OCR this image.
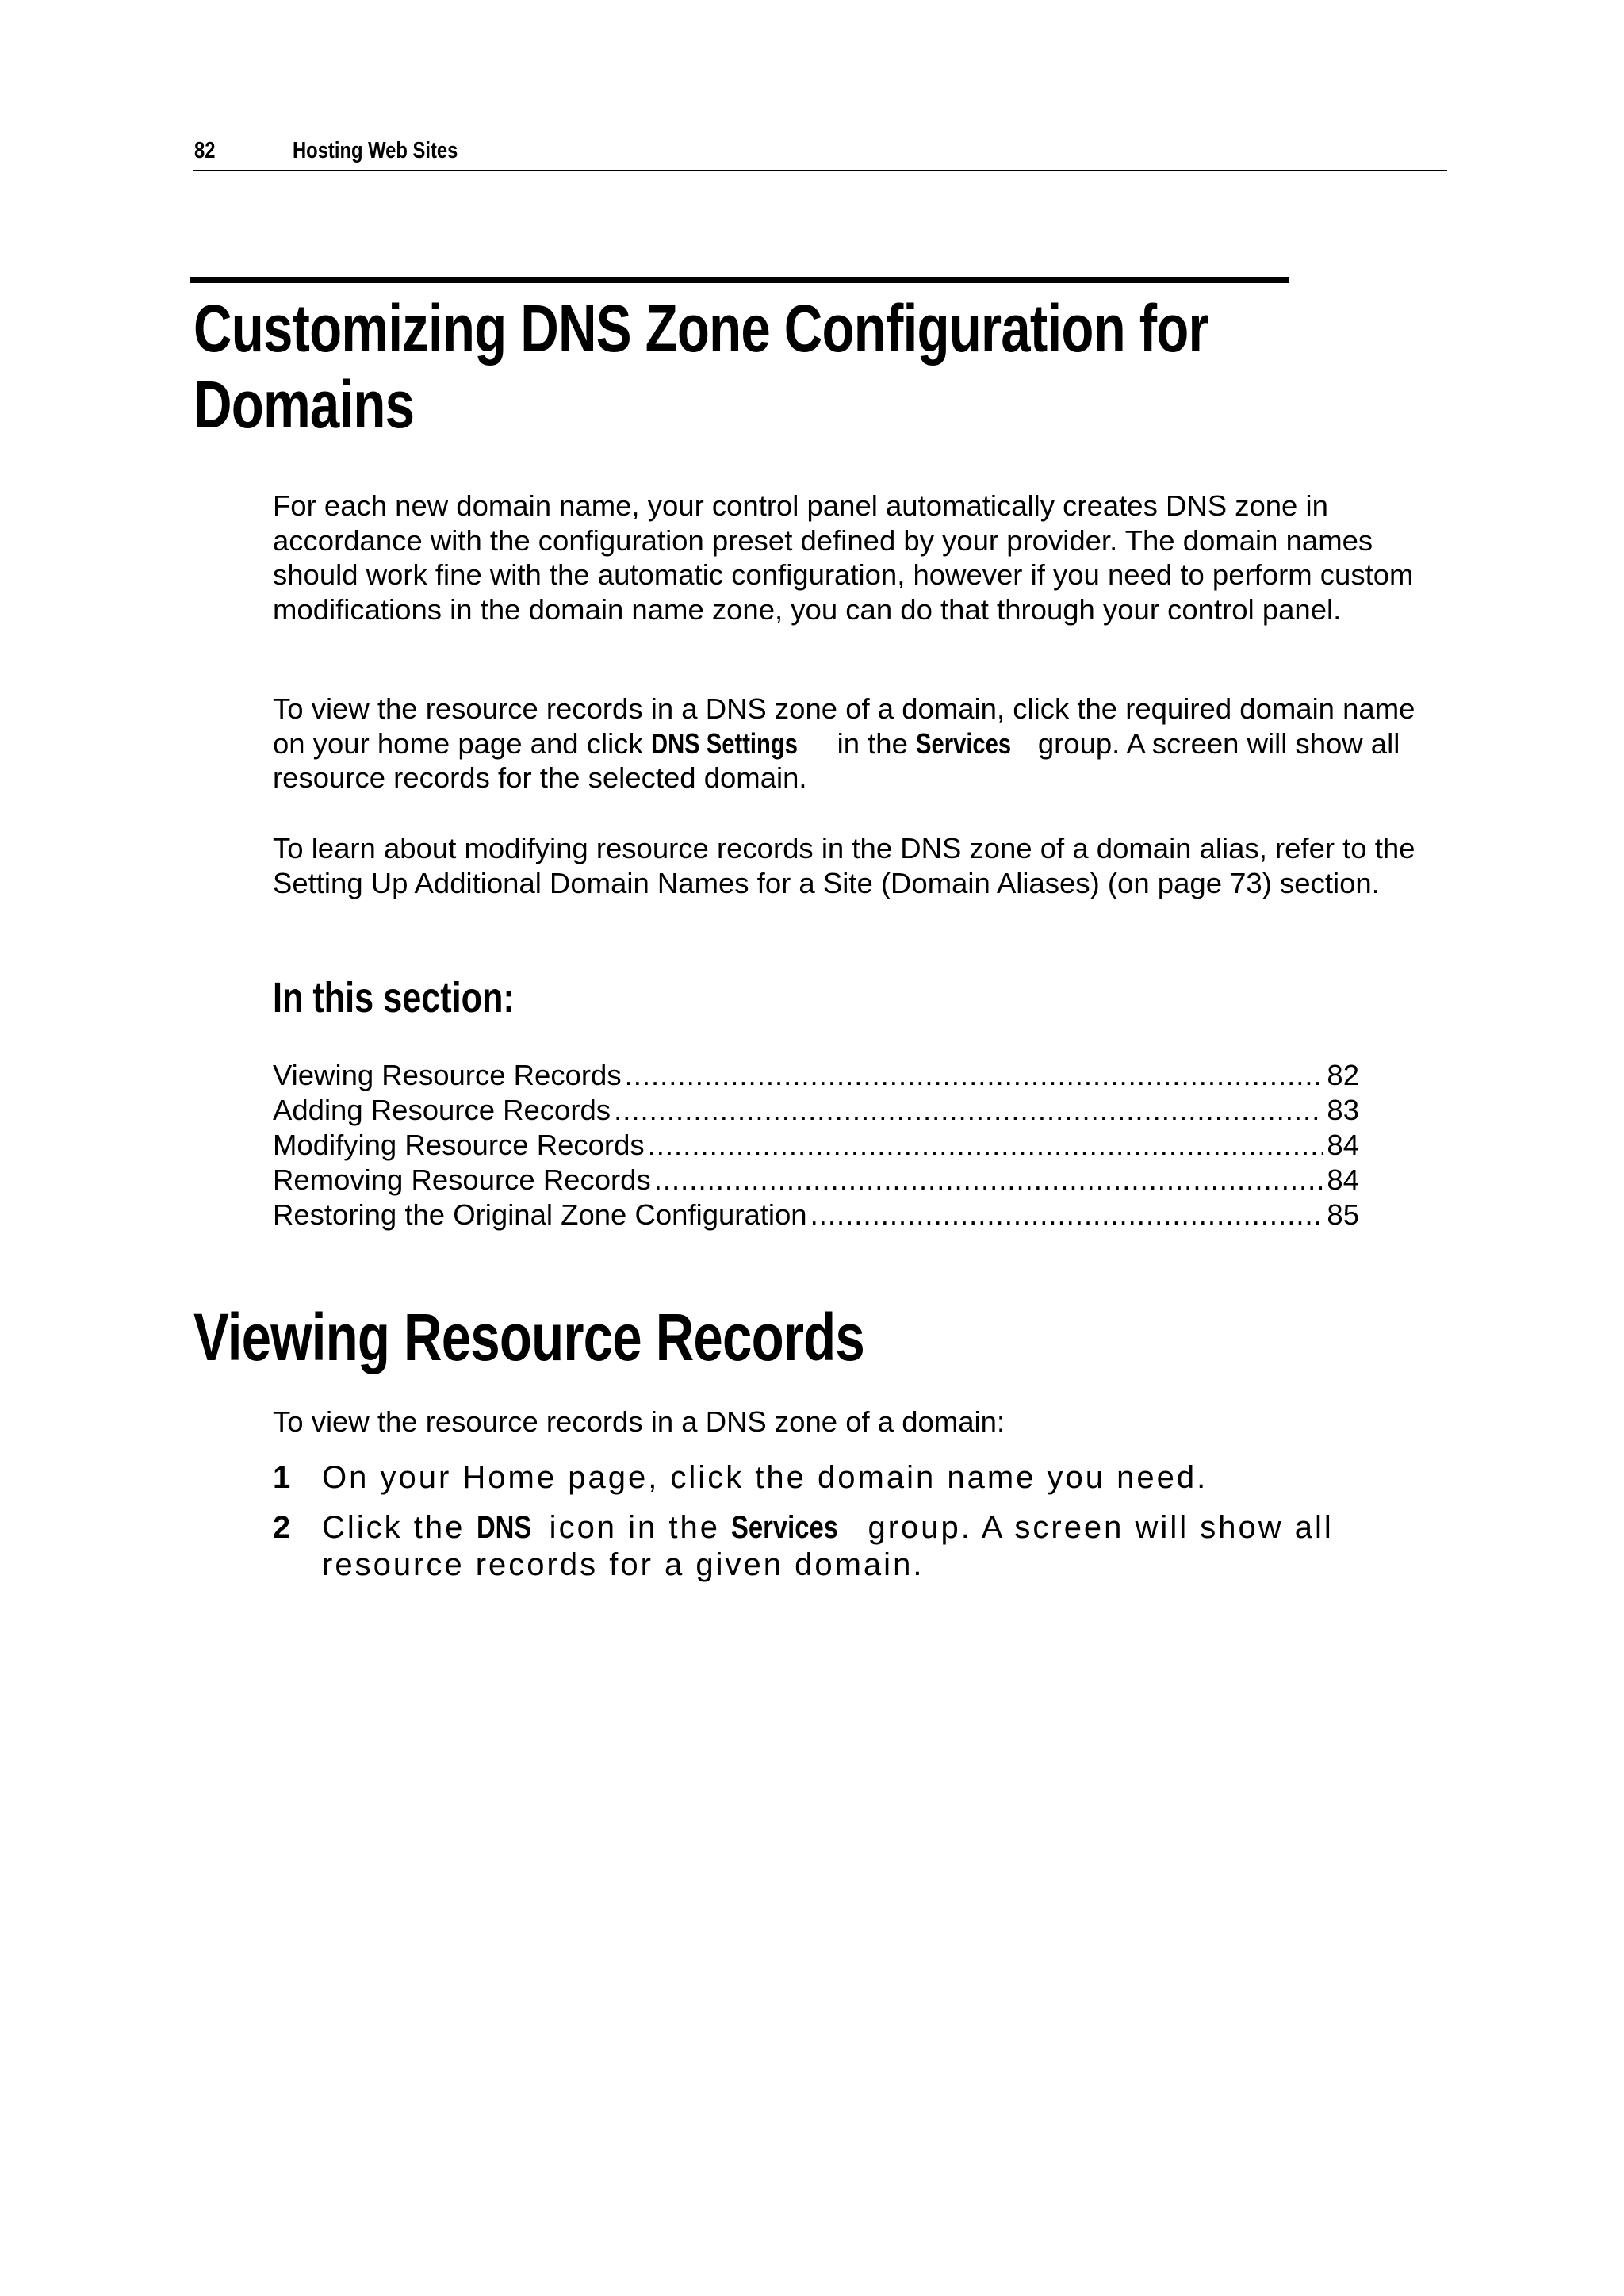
82	Hosting Web Sites
Customizing DNS Zone Configuration for
Domains

For each new domain name, your control panel automatically creates DNS zone in accordance with the configuration preset defined by your provider. The domain names should work fine with the automatic configuration, however if you need to perform custom modifications in the domain name zone, you can do that through your control panel.

To view the resource records in a DNS zone of a domain, click the required domain name on your home page and click DNS Settings in the Services group. A screen will show all resource records for the selected domain.

To learn about modifying resource records in the DNS zone of a domain alias, refer to the Setting Up Additional Domain Names for a Site (Domain Aliases) (on page 73) section.

In this section:
Viewing Resource Records .....	82
Adding Resource Records .....	83
Modifying Resource Records .....	84
Removing Resource Records .....	84
Restoring the Original Zone Configuration .....	85
Viewing Resource Records

To view the resource records in a DNS zone of a domain:

1 On your Home page, click the domain name you need.
2 Click the DNS icon in the Services group. A screen will show all resource records for a given domain.
